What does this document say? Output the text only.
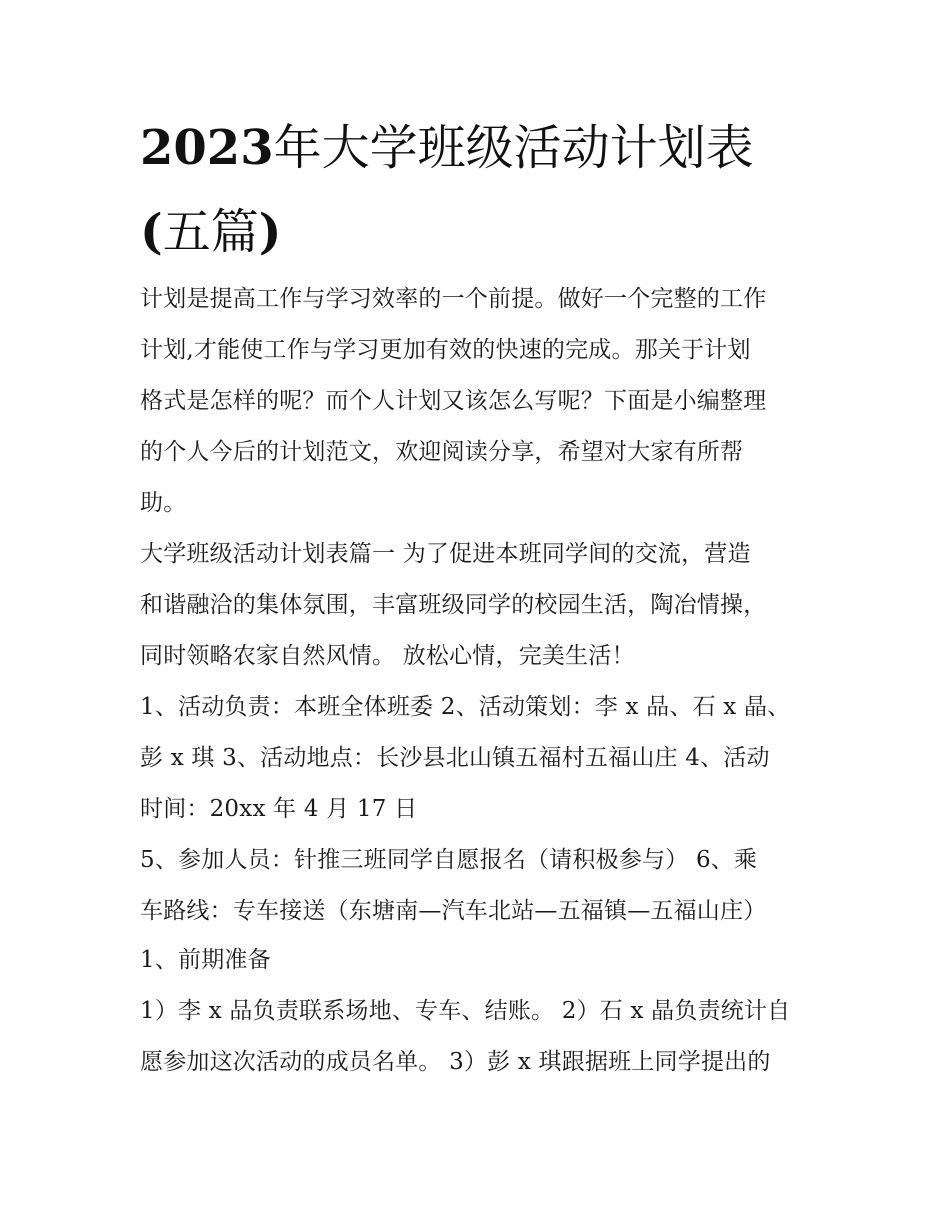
2023年大学班级活动计划表
(五篇)
计划是提高工作与学习效率的一个前提。做好一个完整的工作
计划,才能使工作与学习更加有效的快速的完成。那关于计划
格式是怎样的呢？而个人计划又该怎么写呢？下面是小编整理
的个人今后的计划范文，欢迎阅读分享，希望对大家有所帮
助。
大学班级活动计划表篇一 为了促进本班同学间的交流，营造
和谐融洽的集体氛围，丰富班级同学的校园生活，陶冶情操，
同时领略农家自然风情。 放松心情，完美生活！
1、活动负责：本班全体班委 2、活动策划：李 x 品、石 x 晶、
彭 x 琪 3、活动地点：长沙县北山镇五福村五福山庄 4、活动
时间：20xx 年 4 月 17 日
5、参加人员：针推三班同学自愿报名（请积极参与） 6、乘
车路线：专车接送（东塘南—汽车北站—五福镇—五福山庄）
1、前期准备
1）李 x 品负责联系场地、专车、结账。 2）石 x 晶负责统计自
愿参加这次活动的成员名单。 3）彭 x 琪跟据班上同学提出的
